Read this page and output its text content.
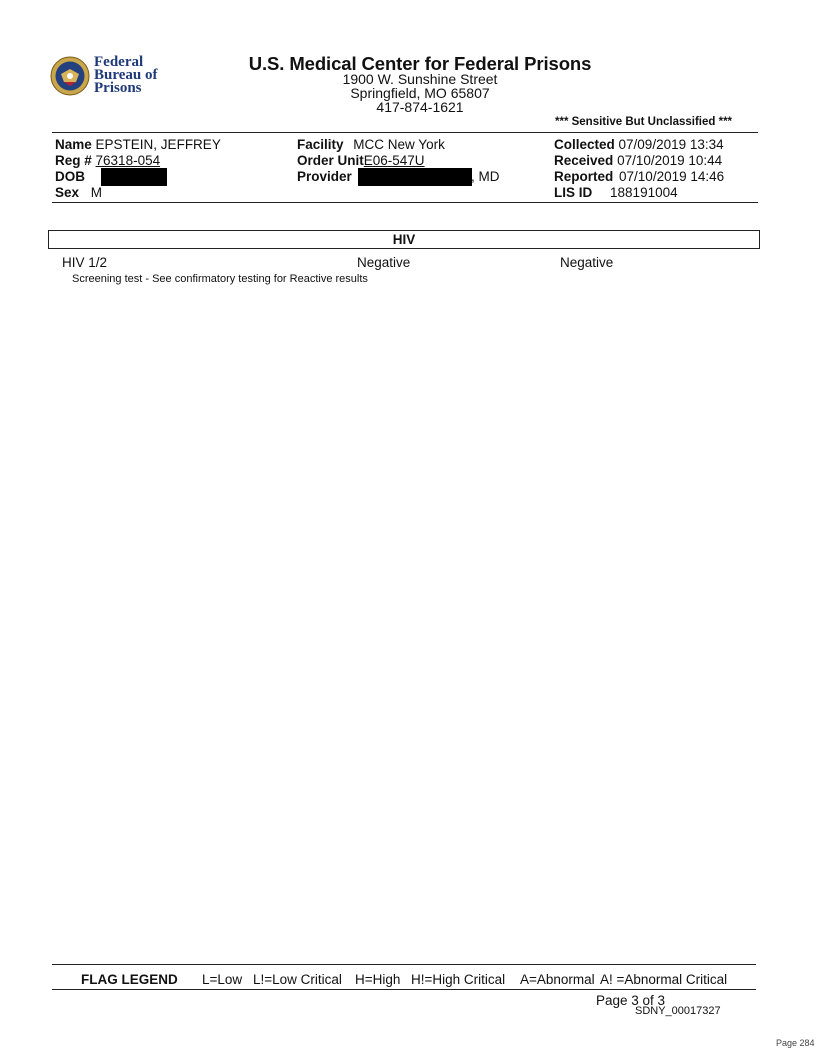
Federal
Bureau of
Prisons
U.S. Medical Center for Federal Prisons
1900 W. Sunshine Street
Springfield, MO 65807
417-874-1621
*** Sensitive But Unclassified ***
Name EPSTEIN, JEFFREY
Reg # 76318-054
DOB
Sex M
Facility MCC New York
Order UnitE06-547U
Provider	, MD
Collected 07/09/2019 13:34
Received 07/10/2019 10:44
Reported 07/10/2019 14:46
LIS ID 188191004
HIV
HIV 1/2	Negative	Negative
Screening test - See confirmatory testing for Reactive results
FLAG LEGEND L=Low L!=Low Critical H=High H!=High Critical A=Abnormal A! =Abnormal Critical
Page 3 of 3
SDNY_00017327
Page 284
